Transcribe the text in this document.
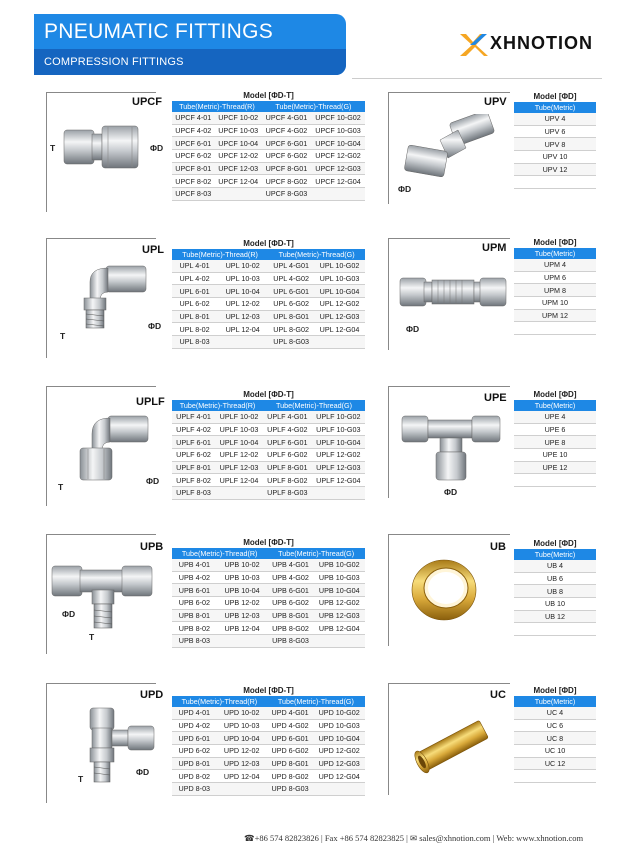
PNEUMATIC FITTINGS
COMPRESSION FITTINGS
XHNOTION
UPCF
T	ΦD
Model [ΦD-T]			
Tube(Metric)-Thread(R)		Tube(Metric)-Thread(G)	
UPCF 4-01	UPCF 10-02	UPCF 4-G01	UPCF 10-G02
UPCF 4-02	UPCF 10-03	UPCF 4-G02	UPCF 10-G03
UPCF 6-01	UPCF 10-04	UPCF 6-G01	UPCF 10-G04
UPCF 6-02	UPCF 12-02	UPCF 6-G02	UPCF 12-G02
UPCF 8-01	UPCF 12-03	UPCF 8-G01	UPCF 12-G03
UPCF 8-02	UPCF 12-04	UPCF 8-G02	UPCF 12-G04
UPCF 8-03		UPCF 8-G03	
UPL
T
ΦD
Model [ΦD-T]			
Tube(Metric)-Thread(R)		Tube(Metric)-Thread(G)	
UPL 4-01	UPL 10-02	UPL 4-G01	UPL 10-G02
UPL 4-02	UPL 10-03	UPL 4-G02	UPL 10-G03
UPL 6-01	UPL 10-04	UPL 6-G01	UPL 10-G04
UPL 6-02	UPL 12-02	UPL 6-G02	UPL 12-G02
UPL 8-01	UPL 12-03	UPL 8-G01	UPL 12-G03
UPL 8-02	UPL 12-04	UPL 8-G02	UPL 12-G04
UPL 8-03		UPL 8-G03	
UPLF
T
ΦD
Model [ΦD-T]			
Tube(Metric)-Thread(R)		Tube(Metric)-Thread(G)	
UPLF 4-01	UPLF 10-02	UPLF 4-G01	UPLF 10-G02
UPLF 4-02	UPLF 10-03	UPLF 4-G02	UPLF 10-G03
UPLF 6-01	UPLF 10-04	UPLF 6-G01	UPLF 10-G04
UPLF 6-02	UPLF 12-02	UPLF 6-G02	UPLF 12-G02
UPLF 8-01	UPLF 12-03	UPLF 8-G01	UPLF 12-G03
UPLF 8-02	UPLF 12-04	UPLF 8-G02	UPLF 12-G04
UPLF 8-03		UPLF 8-G03	
UPB
ΦD
T
Model [ΦD-T]			
Tube(Metric)-Thread(R)		Tube(Metric)-Thread(G)	
UPB 4-01	UPB 10-02	UPB 4-G01	UPB 10-G02
UPB 4-02	UPB 10-03	UPB 4-G02	UPB 10-G03
UPB 6-01	UPB 10-04	UPB 6-G01	UPB 10-G04
UPB 6-02	UPB 12-02	UPB 6-G02	UPB 12-G02
UPB 8-01	UPB 12-03	UPB 8-G01	UPB 12-G03
UPB 8-02	UPB 12-04	UPB 8-G02	UPB 12-G04
UPB 8-03		UPB 8-G03	
UPD
T
ΦD
Model [ΦD-T]			
Tube(Metric)-Thread(R)		Tube(Metric)-Thread(G)	
UPD 4-01	UPD 10-02	UPD 4-G01	UPD 10-G02
UPD 4-02	UPD 10-03	UPD 4-G02	UPD 10-G03
UPD 6-01	UPD 10-04	UPD 6-G01	UPD 10-G04
UPD 6-02	UPD 12-02	UPD 6-G02	UPD 12-G02
UPD 8-01	UPD 12-03	UPD 8-G01	UPD 12-G03
UPD 8-02	UPD 12-04	UPD 8-G02	UPD 12-G04
UPD 8-03		UPD 8-G03	
UPV
ΦD
Model [ΦD]
Tube(Metric)
UPV 4
UPV 6
UPV 8
UPV 10
UPV 12

UPM
ΦD
Model [ΦD]
Tube(Metric)
UPM 4
UPM 6
UPM 8
UPM 10
UPM 12

UPE
ΦD
Model [ΦD]
Tube(Metric)
UPE 4
UPE 6
UPE 8
UPE 10
UPE 12

UB	Model [ΦD]
Tube(Metric)
UB 4
UB 6
UB 8
UB 10
UB 12

UC	Model [ΦD]
Tube(Metric)
UC 4
UC 6
UC 8
UC 10
UC 12

☎+86 574 82823826 | Fax +86 574 82823825 | ✉ sales@xhnotion.com | Web: www.xhnotion.com
